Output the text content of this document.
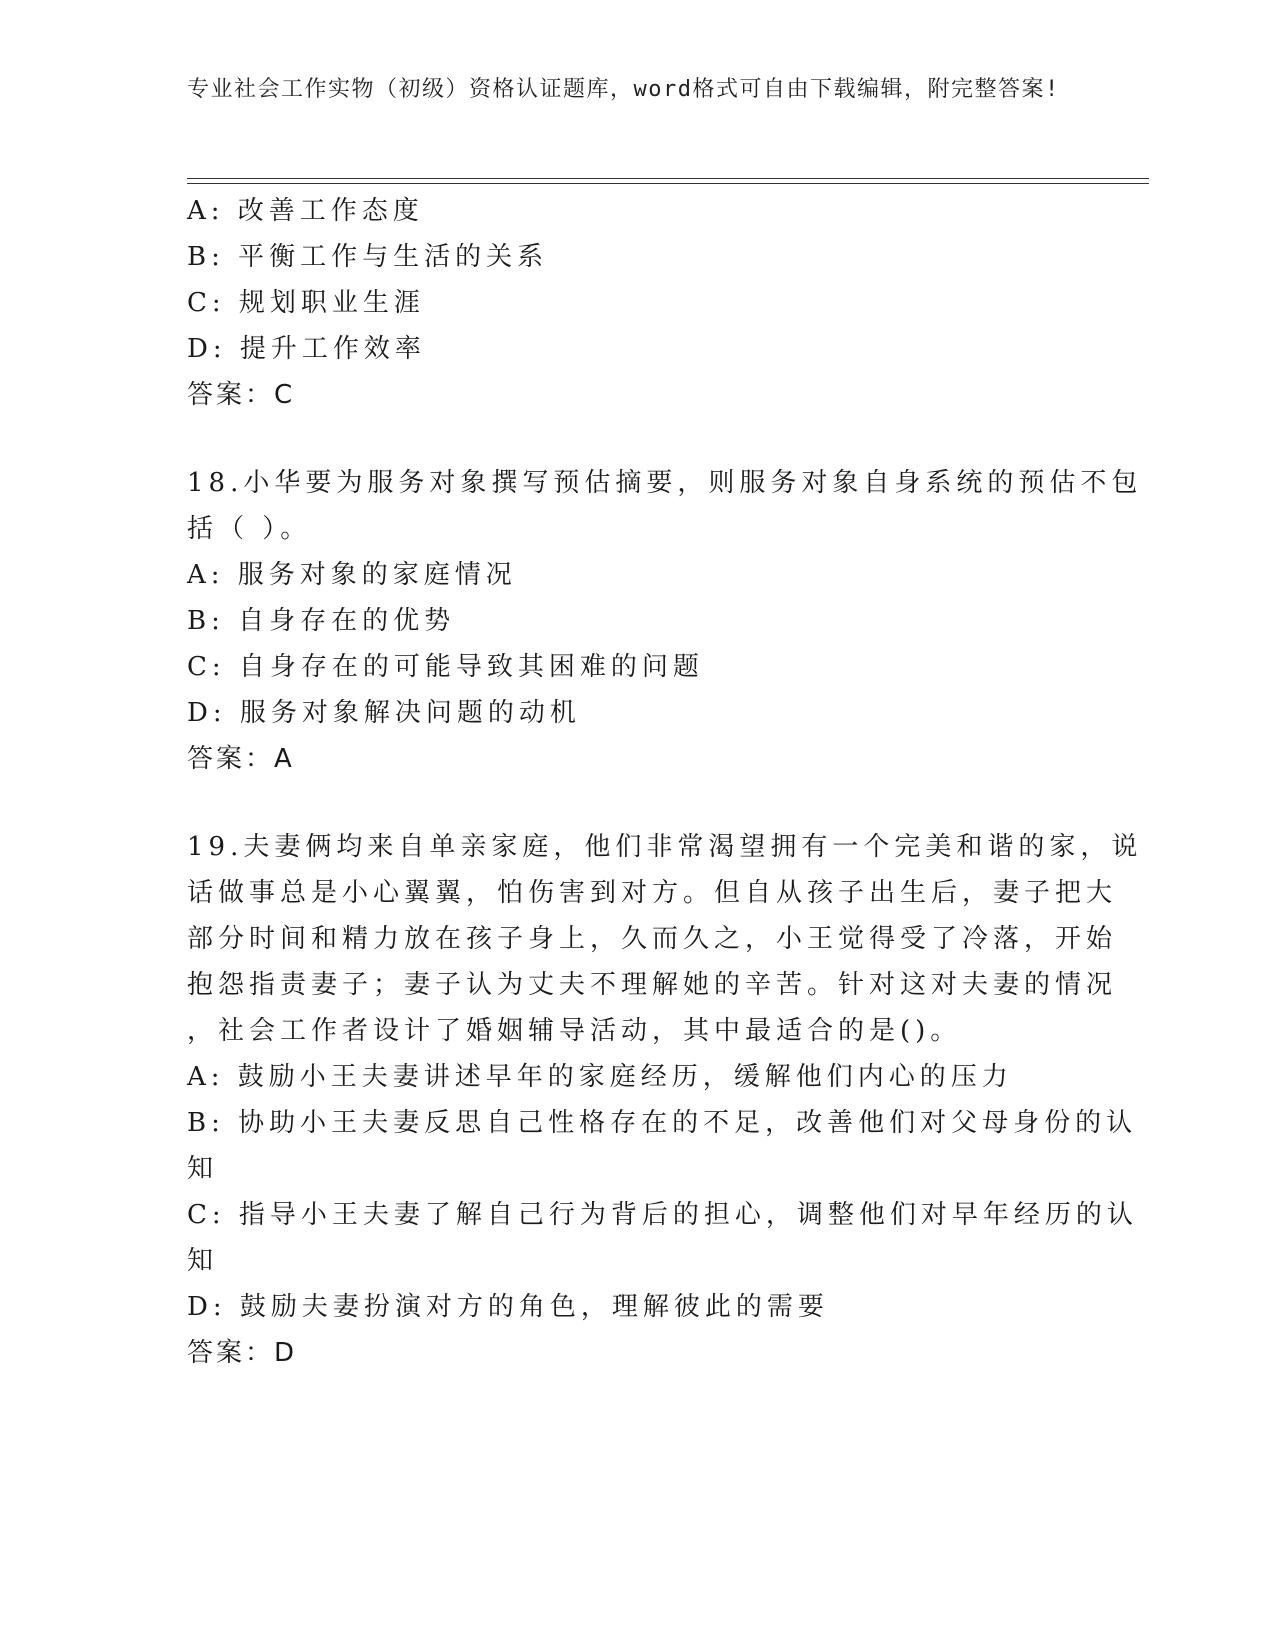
专业社会工作实物（初级）资格认证题库，word格式可自由下载编辑，附完整答案!
A: 改善工作态度
B: 平衡工作与生活的关系
C: 规划职业生涯
D: 提升工作效率
答案：C
18.小华要为服务对象撰写预估摘要，则服务对象自身系统的预估不包
括（ ）。
A: 服务对象的家庭情况
B: 自身存在的优势
C: 自身存在的可能导致其困难的问题
D: 服务对象解决问题的动机
答案：A
19.夫妻俩均来自单亲家庭，他们非常渴望拥有一个完美和谐的家，说
话做事总是小心翼翼，怕伤害到对方。但自从孩子出生后，妻子把大
部分时间和精力放在孩子身上，久而久之，小王觉得受了冷落，开始
抱怨指责妻子；妻子认为丈夫不理解她的辛苦。针对这对夫妻的情况
，社会工作者设计了婚姻辅导活动，其中最适合的是()。
A: 鼓励小王夫妻讲述早年的家庭经历，缓解他们内心的压力
B: 协助小王夫妻反思自己性格存在的不足，改善他们对父母身份的认
知
C: 指导小王夫妻了解自己行为背后的担心，调整他们对早年经历的认
知
D: 鼓励夫妻扮演对方的角色，理解彼此的需要
答案：D
